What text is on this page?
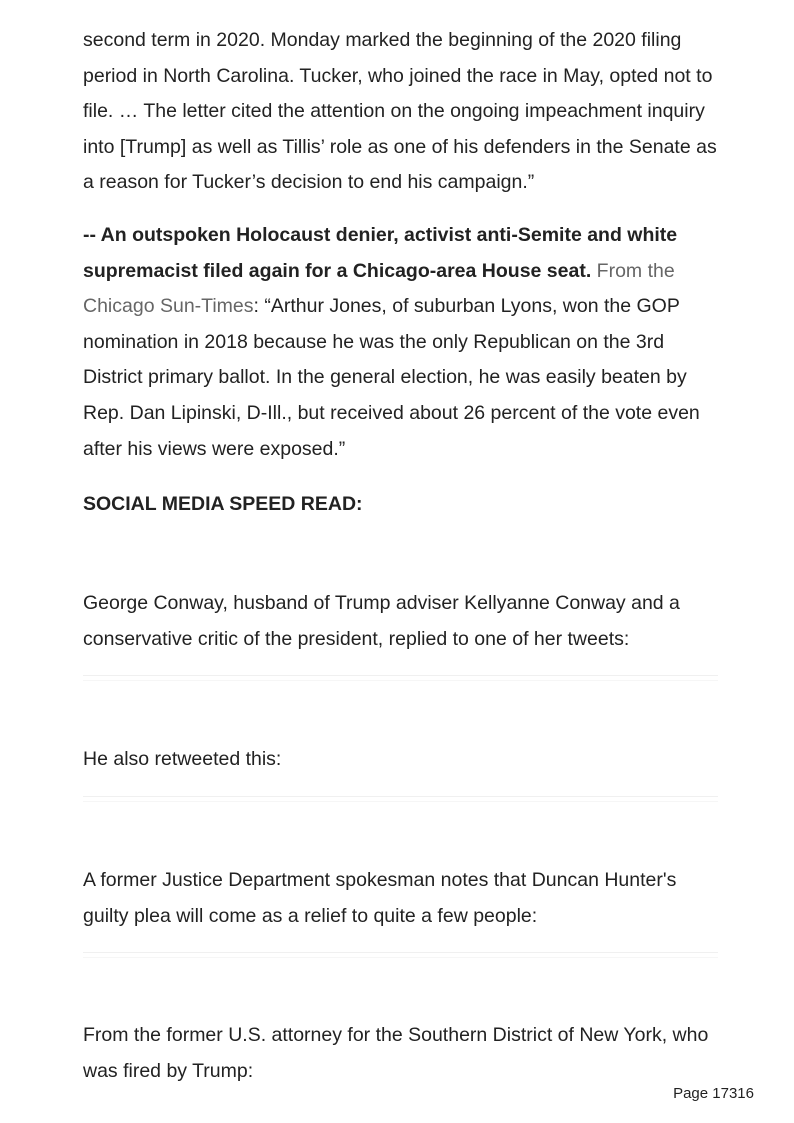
second term in 2020. Monday marked the beginning of the 2020 filing period in North Carolina. Tucker, who joined the race in May, opted not to file. … The letter cited the attention on the ongoing impeachment inquiry into [Trump] as well as Tillis’ role as one of his defenders in the Senate as a reason for Tucker’s decision to end his campaign.”

-- An outspoken Holocaust denier, activist anti-Semite and white supremacist filed again for a Chicago-area House seat. From the Chicago Sun-Times: “Arthur Jones, of suburban Lyons, won the GOP nomination in 2018 because he was the only Republican on the 3rd District primary ballot. In the general election, he was easily beaten by Rep. Dan Lipinski, D-Ill., but received about 26 percent of the vote even after his views were exposed.”

SOCIAL MEDIA SPEED READ:

George Conway, husband of Trump adviser Kellyanne Conway and a conservative critic of the president, replied to one of her tweets:

He also retweeted this:

A former Justice Department spokesman notes that Duncan Hunter's guilty plea will come as a relief to quite a few people:

From the former U.S. attorney for the Southern District of New York, who was fired by Trump:

Page 17316
